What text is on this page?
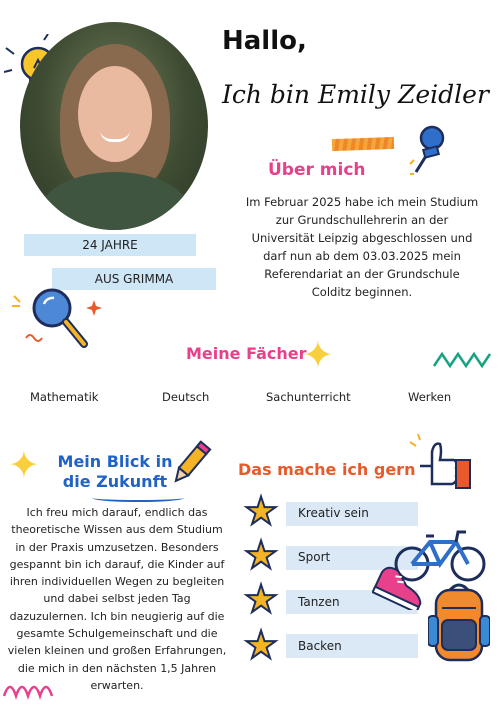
Hallo,
Ich bin Emily Zeidler
Über mich
Im Februar 2025 habe ich mein Studium zur Grundschullehrerin an der Universität Leipzig abgeschlossen und darf nun ab dem 03.03.2025 mein Referendariat an der Grundschule Colditz beginnen.
24 JAHRE
AUS GRIMMA
Meine Fächer
✦
Mathematik	Deutsch	Sachunterricht	Werken
✦	Mein Blick in
die Zukunft
Ich freu mich darauf, endlich das theoretische Wissen aus dem Studium in der Praxis umzusetzen. Besonders gespannt bin ich darauf, die Kinder auf ihren individuellen Wegen zu begleiten und dabei selbst jeden Tag dazuzulernen. Ich bin neugierig auf die gesamte Schulgemeinschaft und die vielen kleinen und großen Erfahrungen, die mich in den nächsten 1,5 Jahren erwarten.
Das mache ich gern
★
★
★
★
Kreativ sein
Sport
Tanzen
Backen
